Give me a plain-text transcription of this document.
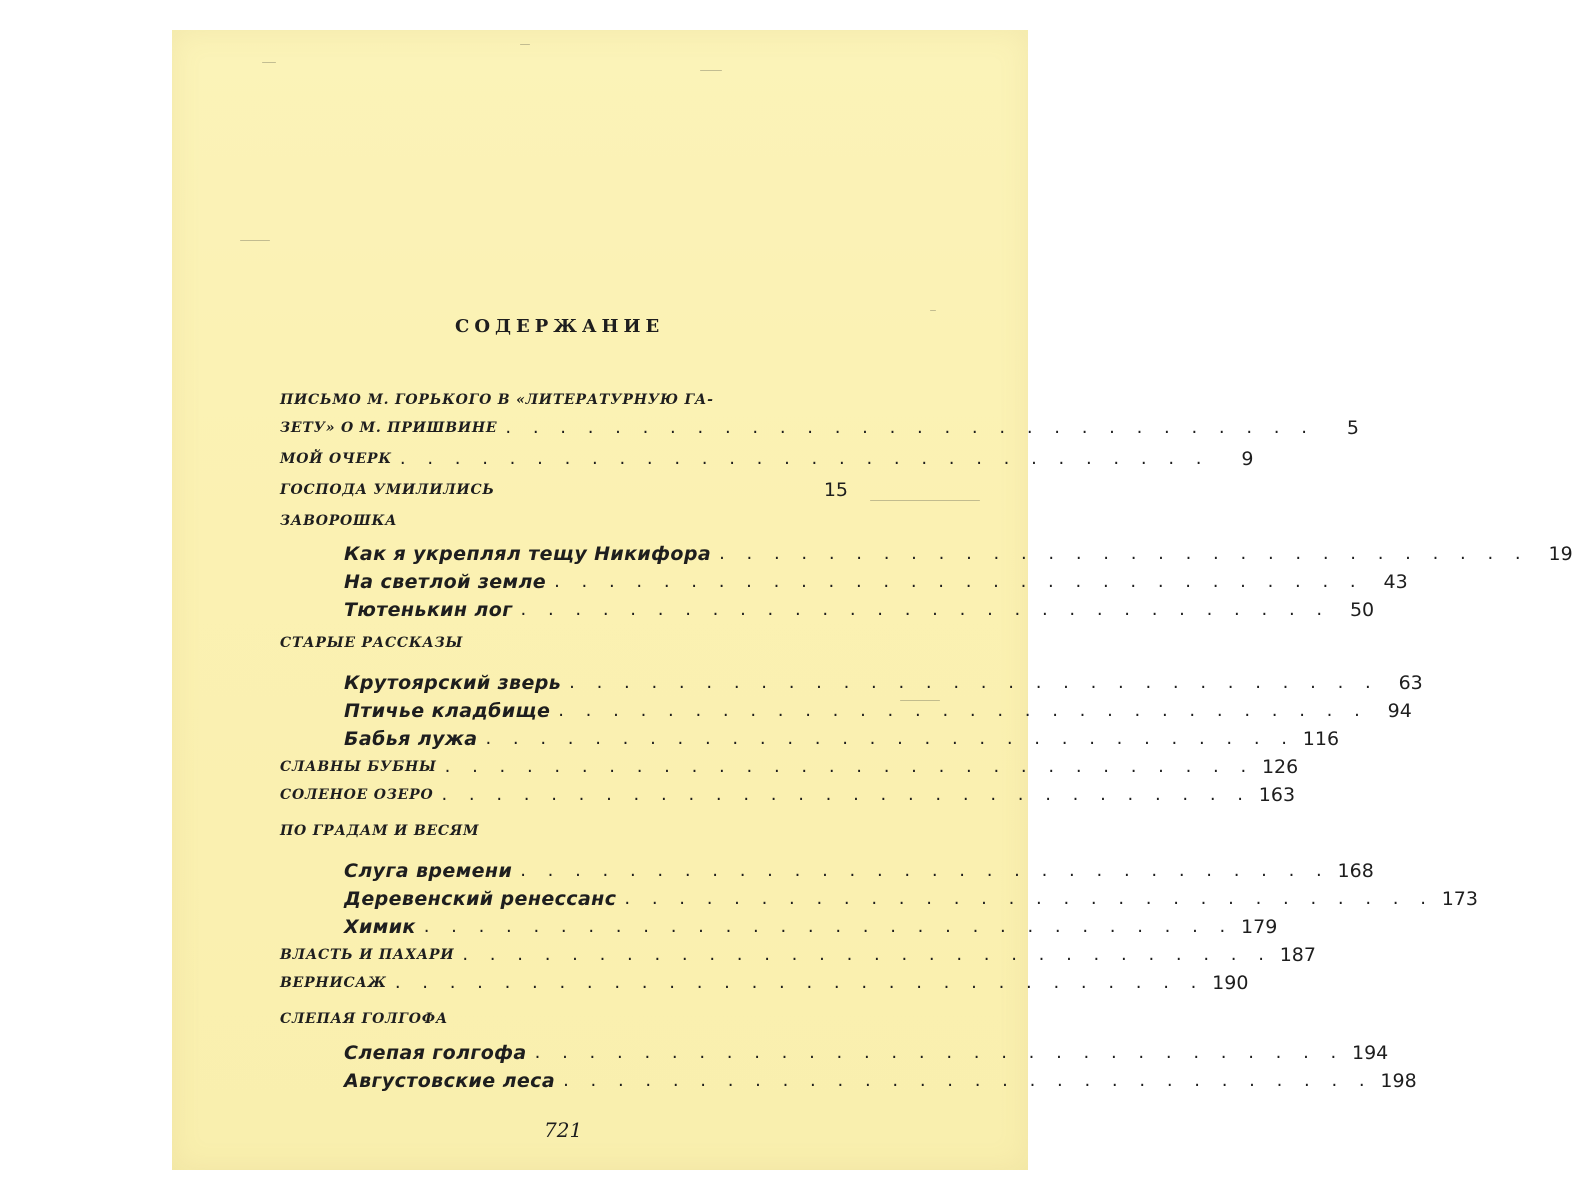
СОДЕРЖАНИЕ
ПИСЬМО М. ГОРЬКОГО В «ЛИТЕРАТУРНУЮ ГА-
ЗЕТУ» О М. ПРИШВИНЕ . . . . . . . . . . . . . . . . . . . . . . . . . . . . . .	5
МОЙ ОЧЕРК . . . . . . . . . . . . . . . . . . . . . . . . . . . . . .	9
ГОСПОДА УМИЛИЛИСЬ	15
ЗАВОРОШКА
Как я укреплял тещу Никифора . . . . . . . . . . . . . . . . . . . . . . . . . . . . . .	19
На светлой земле . . . . . . . . . . . . . . . . . . . . . . . . . . . . . .	43
Тютенькин лог . . . . . . . . . . . . . . . . . . . . . . . . . . . . . .	50
СТАРЫЕ РАССКАЗЫ
Крутоярский зверь . . . . . . . . . . . . . . . . . . . . . . . . . . . . . .	63
Птичье кладбище . . . . . . . . . . . . . . . . . . . . . . . . . . . . . .	94
Бабья лужа . . . . . . . . . . . . . . . . . . . . . . . . . . . . . . 116
СЛАВНЫ БУБНЫ . . . . . . . . . . . . . . . . . . . . . . . . . . . . . . 126
СОЛЕНОЕ ОЗЕРО . . . . . . . . . . . . . . . . . . . . . . . . . . . . . . 163
ПО ГРАДАМ И ВЕСЯМ
Слуга времени . . . . . . . . . . . . . . . . . . . . . . . . . . . . . . 168
Деревенский ренессанс . . . . . . . . . . . . . . . . . . . . . . . . . . . . . . 173
Химик . . . . . . . . . . . . . . . . . . . . . . . . . . . . . . 179
ВЛАСТЬ И ПАХАРИ . . . . . . . . . . . . . . . . . . . . . . . . . . . . . . 187
ВЕРНИСАЖ . . . . . . . . . . . . . . . . . . . . . . . . . . . . . . 190
СЛЕПАЯ ГОЛГОФА
Слепая голгофа . . . . . . . . . . . . . . . . . . . . . . . . . . . . . . 194
Августовские леса . . . . . . . . . . . . . . . . . . . . . . . . . . . . . . 198
721
